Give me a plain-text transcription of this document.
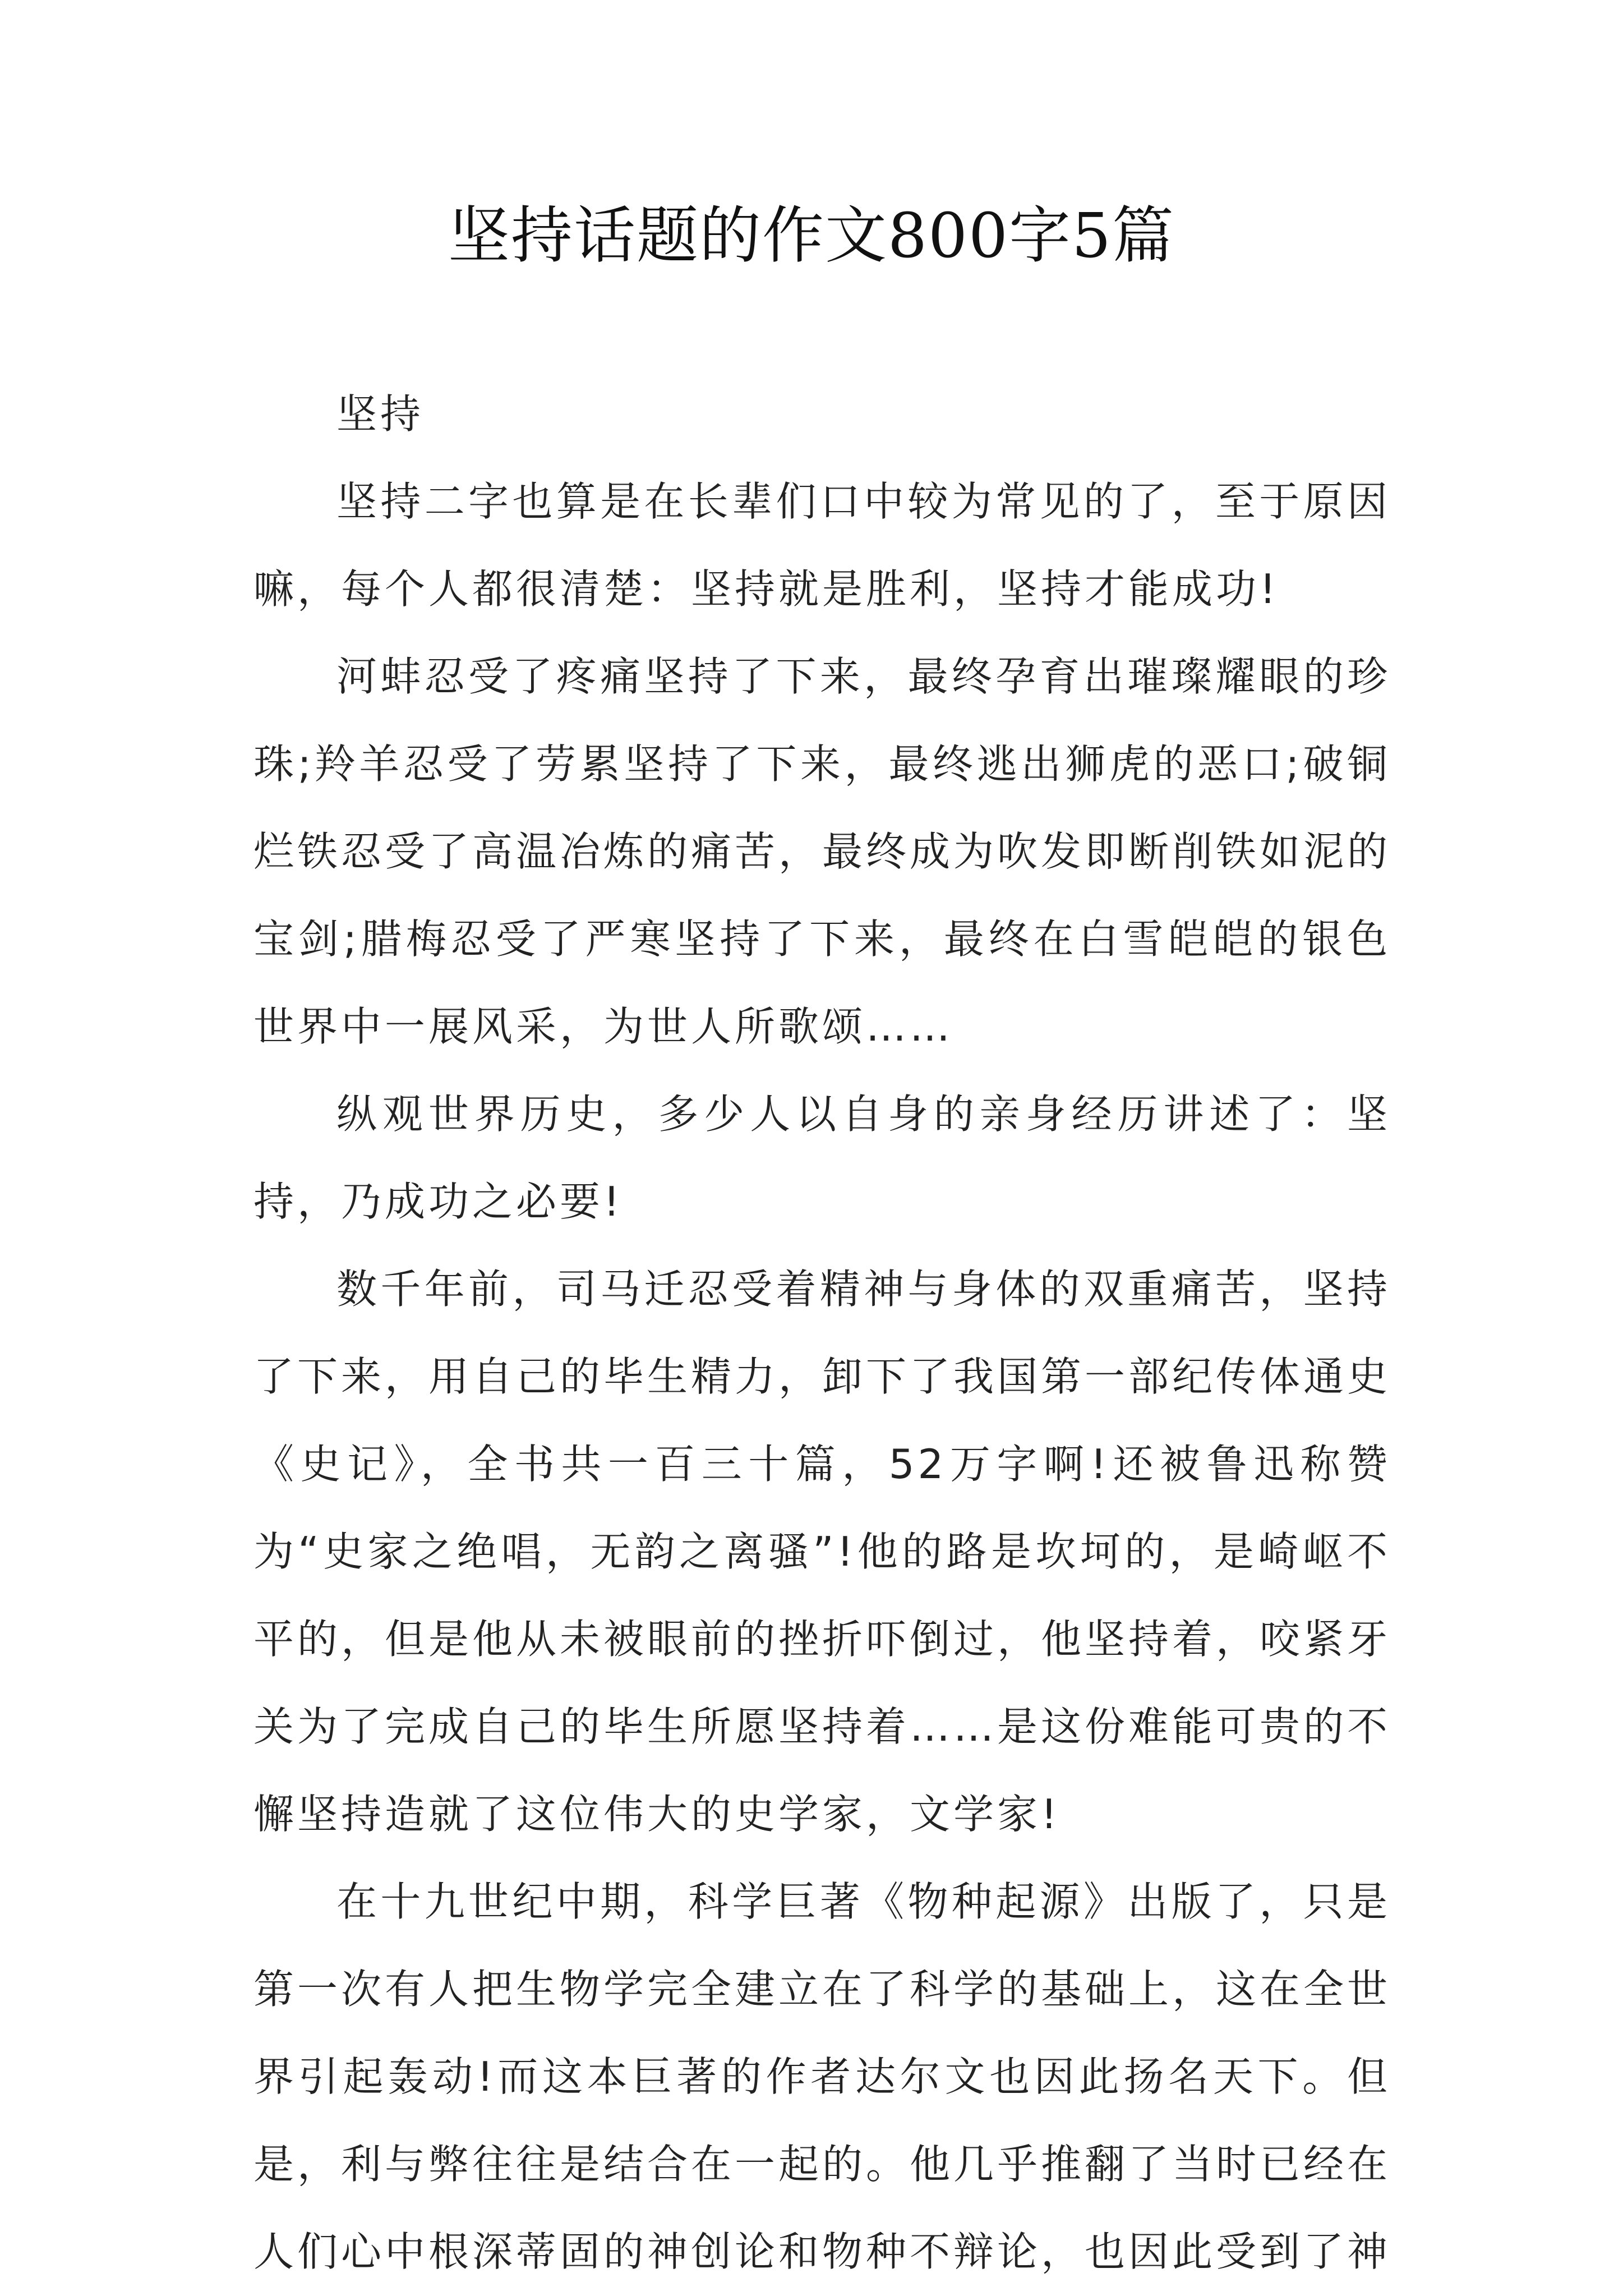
坚持话题的作文800字5篇

坚持

坚持二字也算是在长辈们口中较为常见的了，至于原因嘛，每个人都很清楚：坚持就是胜利，坚持才能成功!

河蚌忍受了疼痛坚持了下来，最终孕育出璀璨耀眼的珍珠;羚羊忍受了劳累坚持了下来，最终逃出狮虎的恶口;破铜烂铁忍受了高温冶炼的痛苦，最终成为吹发即断削铁如泥的宝剑;腊梅忍受了严寒坚持了下来，最终在白雪皑皑的银色世界中一展风采，为世人所歌颂……

纵观世界历史，多少人以自身的亲身经历讲述了：坚持，乃成功之必要!

数千年前，司马迁忍受着精神与身体的双重痛苦，坚持了下来，用自己的毕生精力，卸下了我国第一部纪传体通史《史记》，全书共一百三十篇，52万字啊!还被鲁迅称赞为“史家之绝唱，无韵之离骚”!他的路是坎坷的，是崎岖不平的，但是他从未被眼前的挫折吓倒过，他坚持着，咬紧牙关为了完成自己的毕生所愿坚持着……是这份难能可贵的不懈坚持造就了这位伟大的史学家，文学家!

在十九世纪中期，科学巨著《物种起源》出版了，只是第一次有人把生物学完全建立在了科学的基础上，这在全世界引起轰动!而这本巨著的作者达尔文也因此扬名天下。但是，利与弊往往是结合在一起的。他几乎推翻了当时已经在人们心中根深蒂固的神创论和物种不辩论，也因此受到了神
